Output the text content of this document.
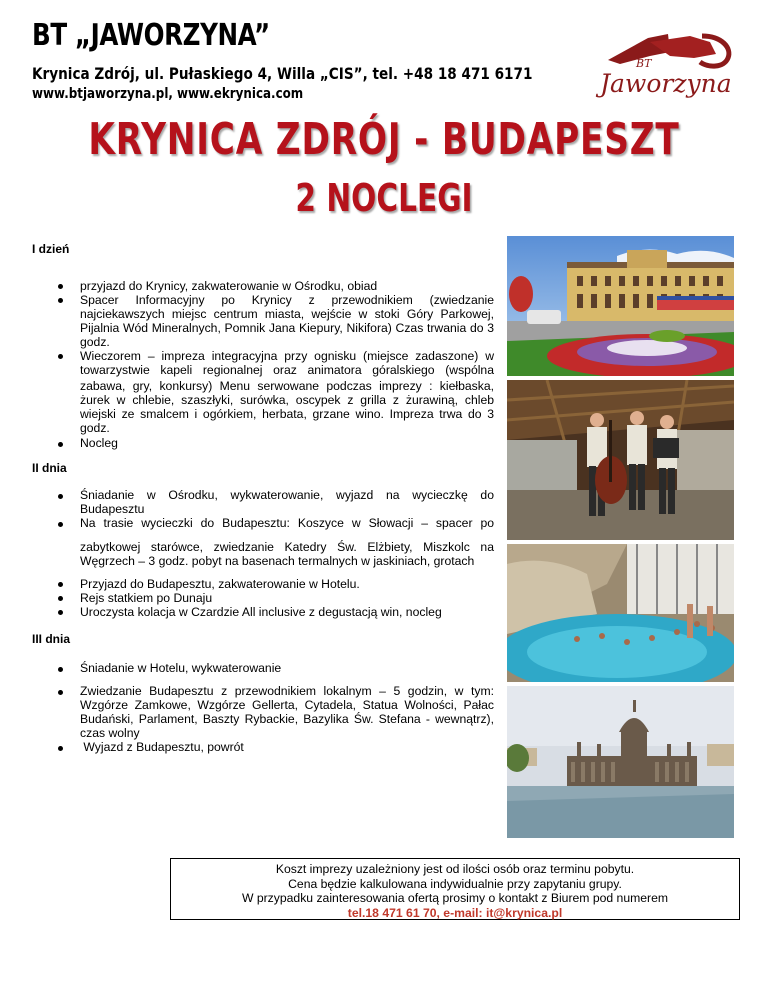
BT „JAWORZYNA”
Krynica Zdrój, ul. Pułaskiego 4, Willa „CIS”, tel. +48 18 471 6171
www.btjaworzyna.pl, www.ekrynica.com
BT
Jaworzyna
KRYNICA ZDRÓJ - BUDAPESZT
2 NOCLEGI
I dzień
przyjazd do Krynicy, zakwaterowanie w Ośrodku, obiad
Spacer Informacyjny po Krynicy z przewodnikiem (zwiedzanie najciekawszych miejsc centrum miasta, wejście w stoki Góry Parkowej, Pijalnia Wód Mineralnych, Pomnik Jana Kiepury, Nikifora) Czas trwania do 3 godz.
Wieczorem – impreza integracyjna przy ognisku (miejsce zadaszone) w towarzystwie kapeli regionalnej oraz animatora góralskiego (wspólna
zabawa, gry, konkursy) Menu serwowane podczas imprezy : kiełbaska, żurek w chlebie, szaszłyki, surówka, oscypek z grilla z żurawiną, chleb wiejski ze smalcem i ogórkiem, herbata, grzane wino. Impreza trwa do 3 godz.
Nocleg
II dnia
Śniadanie w Ośrodku, wykwaterowanie, wyjazd na wycieczkę do Budapesztu
Na trasie wycieczki do Budapesztu: Koszyce w Słowacji – spacer po
zabytkowej starówce, zwiedzanie Katedry Św. Elżbiety, Miszkolc na Węgrzech – 3 godz. pobyt na basenach termalnych w jaskiniach, grotach
Przyjazd do Budapesztu, zakwaterowanie w Hotelu.
Rejs statkiem po Dunaju
Uroczysta kolacja w Czardzie All inclusive z degustacją win, nocleg
III dnia
Śniadanie w Hotelu, wykwaterowanie
Zwiedzanie Budapesztu z przewodnikiem lokalnym – 5 godzin, w tym: Wzgórze Zamkowe, Wzgórze Gellerta, Cytadela, Statua Wolności, Pałac Budański, Parlament, Baszty Rybackie, Bazylika Św. Stefana - wewnątrz), czas wolny
Wyjazd z Budapesztu, powrót
Koszt imprezy uzależniony jest od ilości osób oraz terminu pobytu.
Cena będzie kalkulowana indywidualnie przy zapytaniu grupy.
W przypadku zainteresowania ofertą prosimy o kontakt z Biurem pod numerem
tel.18 471 61 70, e-mail: it@krynica.pl
